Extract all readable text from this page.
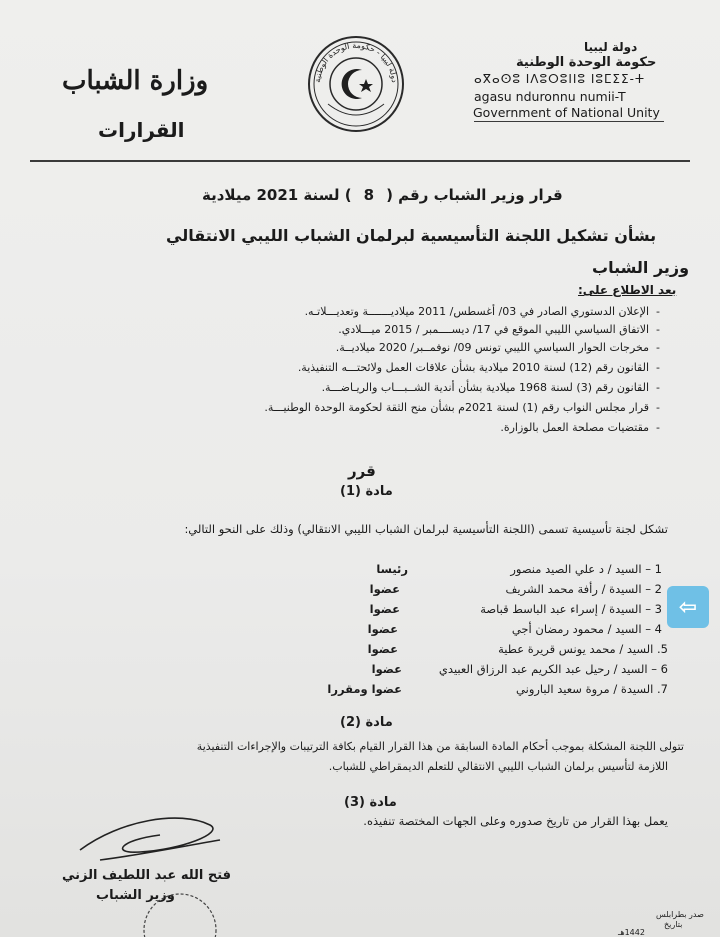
دولة ليبيا
حكومة الوحدة الوطنية
ⴰⴳⴰⵙⵓ ⵏⴷⵓⵔⵓⵏⵏⵓ ⵏⵓⵎⵉⵉ-ⵜ
agasu nduronnu numii-T
Government of National Unity
دولة ليبيا - حكومة الوحدة الوطنية
وزارة الشباب
القرارات
قرار وزير الشباب رقم (8) لسنة 2021 ميلادية
بشأن تشكيل اللجنة التأسيسية لبرلمان الشباب الليبي الانتقالي
وزير الشباب
بعد الاطلاع على:
-  الإعلان الدستوري الصادر في 03/ أغسطس/ 2011 ميلاديـــــــة وتعديـــلاتـه.
-  الاتفاق السياسي الليبي الموقع في 17/ ديســــمبر / 2015 ميـــلادي.
-  مخرجات الحوار السياسي الليبي تونس 09/ نوفمــبر/ 2020 ميلاديــة.
-  القانون رقم (12) لسنة 2010 ميلادية بشأن علاقات العمل ولائحتـــه التنفيذية.
-  القانون رقم (3) لسنة 1968 ميلادية بشأن أندية الشــبـــاب والريـاضـــة.
-  قرار مجلس النواب رقم (1) لسنة 2021م بشأن منح الثقة لحكومة الوحدة الوطنيـــة.
-  مقتضيات مصلحة العمل بالوزارة.
قرر
مادة (1)
تشكل لجنة تأسيسية تسمى (اللجنة التأسيسية لبرلمان الشباب الليبي الانتقالي) وذلك على النحو التالي:
1 – السيد / د علي الصيد منصور
رئيسا
2 – السيدة / رأفة محمد الشريف
عضوا
3 – السيدة / إسراء عبد الباسط قباصة
عضوا
4 – السيد / محمود رمضان أجي
عضوا
5. السيد / محمد يونس قريرة عطية
عضوا
6 – السيد / رحيل عبد الكريم عبد الرزاق العبيدي
عضوا
7. السيدة / مروة سعيد الباروني
عضوا ومقررا
مادة (2)
تتولى اللجنة المشكلة بموجب أحكام المادة السابقة من هذا القرار القيام بكافة الترتيبات والإجراءات التنفيذية
اللازمة لتأسيس برلمان الشباب الليبي الانتقالي للتعلم الديمقراطي للشباب.
مادة (3)
يعمل بهذا القرار من تاريخ صدوره وعلى الجهات المختصة تنفيذه.
فتح الله عبد اللطيف الزني
وزير الشباب
صدر بطرابلس
بتاريخ
1442هـ
⇦
